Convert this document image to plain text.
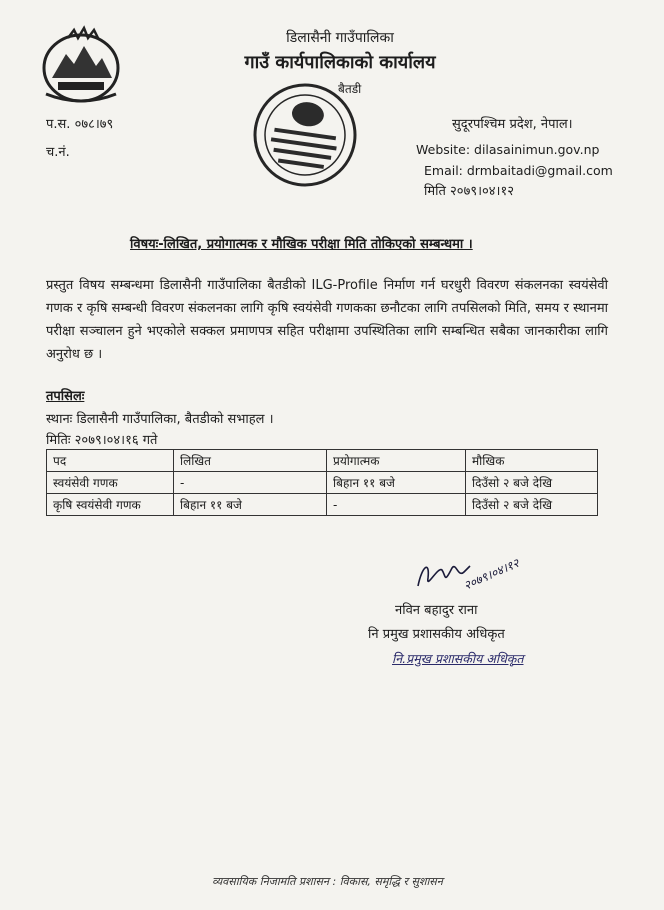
डिलासैनी गाउँपालिका
गाउँ कार्यपालिकाको कार्यालय
बैतडी
प.स. ०७८।७९
च.नं.
सुदूरपश्चिम प्रदेश, नेपाल।
Website: dilasainimun.gov.np
Email: drmbaitadi@gmail.com
मिति २०७९।०४।१२
विषयः-लिखित, प्रयोगात्मक र मौखिक परीक्षा मिति तोकिएको सम्बन्धमा ।
प्रस्तुत विषय सम्बन्धमा डिलासैनी गाउँपालिका बैतडीको ILG-Profile निर्माण गर्न घरधुरी विवरण संकलनका स्वयंसेवी गणक र कृषि सम्बन्धी विवरण संकलनका लागि कृषि स्वयंसेवी गणकका छनौटका लागि तपसिलको मिति, समय र स्थानमा परीक्षा सञ्चालन हुने भएकोले सक्कल प्रमाणपत्र सहित परीक्षामा उपस्थितिका लागि सम्बन्धित सबैका जानकारीका लागि अनुरोध छ ।
तपसिलः
स्थानः डिलासैनी गाउँपालिका, बैतडीको सभाहल ।
मितिः २०७९।०४।१६ गते
पद	लिखित	प्रयोगात्मक	मौखिक
स्वयंसेवी गणक	-	बिहान ११ बजे	दिउँसो २ बजे देखि
कृषि स्वयंसेवी गणक	बिहान ११ बजे	-	दिउँसो २ बजे देखि
२०७९।०४।१२
नविन बहादुर राना
नि प्रमुख प्रशासकीय अधिकृत
नि.प्रमुख प्रशासकीय अधिकृत
व्यवसायिक निजामति प्रशासन : विकास, समृद्धि र सुशासन
